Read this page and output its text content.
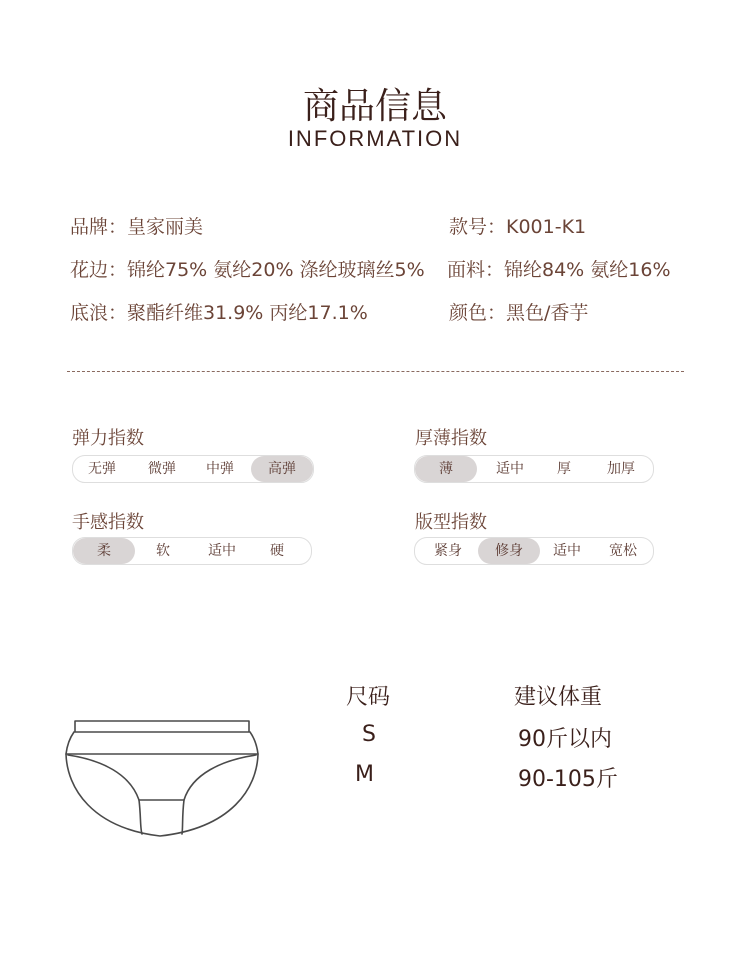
商品信息
INFORMATION
品牌：皇家丽美	款号：K001-K1
花边：锦纶75% 氨纶20% 涤纶玻璃丝5% 面料：锦纶84% 氨纶16%
底浪：聚酯纤维31.9% 丙纶17.1%	颜色：黑色/香芋
弹力指数
无弹	微弹	中弹	高弹
厚薄指数
薄	适中	厚	加厚
手感指数
柔	软	适中	硬
版型指数
紧身	修身	适中	宽松
尺码	建议体重
S	90斤以内
M	90-105斤
